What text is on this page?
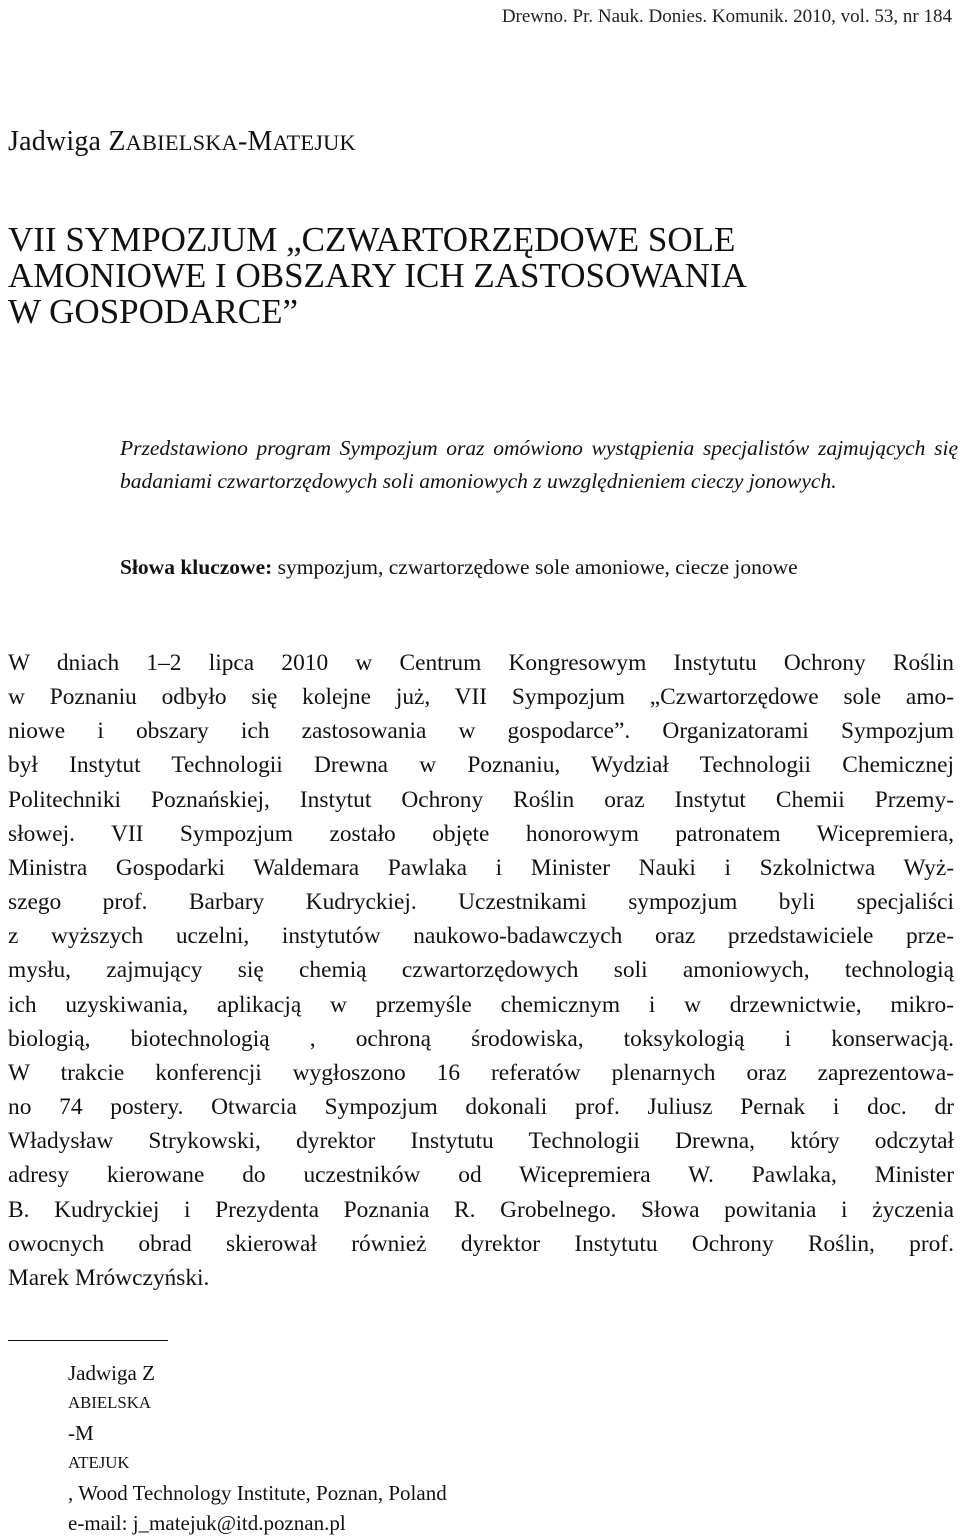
Drewno. Pr. Nauk. Donies. Komunik. 2010, vol. 53, nr 184
Jadwiga ZABIELSKA-MATEJUK
VII SYMPOZJUM „CZWARTORZĘDOWE SOLE
AMONIOWE I OBSZARY ICH ZASTOSOWANIA
W GOSPODARCE”

Przedstawiono program Sympozjum oraz omówiono wystąpienia specjalistów zajmujących się badaniami czwartorzędowych soli amoniowych z uwzględnieniem cieczy jonowych.

Słowa kluczowe: sympozjum, czwartorzędowe sole amoniowe, ciecze jonowe

W dniach 1–2 lipca 2010 w Centrum Kongresowym Instytutu Ochrony Roślin
w Poznaniu odbyło się kolejne już, VII Sympozjum „Czwartorzędowe sole amo-
niowe i obszary ich zastosowania w gospodarce”. Organizatorami Sympozjum
był Instytut Technologii Drewna w Poznaniu, Wydział Technologii Chemicznej
Politechniki Poznańskiej, Instytut Ochrony Roślin oraz Instytut Chemii Przemy-
słowej. VII Sympozjum zostało objęte honorowym patronatem Wicepremiera,
Ministra Gospodarki Waldemara Pawlaka i Minister Nauki i Szkolnictwa Wyż-
szego prof. Barbary Kudryckiej. Uczestnikami sympozjum byli specjaliści
z wyższych uczelni, instytutów naukowo-badawczych oraz przedstawiciele prze-
mysłu, zajmujący się chemią czwartorzędowych soli amoniowych, technologią
ich uzyskiwania, aplikacją w przemyśle chemicznym i w drzewnictwie, mikro-
biologią, biotechnologią , ochroną środowiska, toksykologią i konserwacją.
W trakcie konferencji wygłoszono 16 referatów plenarnych oraz zaprezentowa-
no 74 postery. Otwarcia Sympozjum dokonali prof. Juliusz Pernak i doc. dr
Władysław Strykowski, dyrektor Instytutu Technologii Drewna, który odczytał
adresy kierowane do uczestników od Wicepremiera W. Pawlaka, Minister
B. Kudryckiej i Prezydenta Poznania R. Grobelnego. Słowa powitania i życzenia
owocnych obrad skierował również dyrektor Instytutu Ochrony Roślin, prof.
Marek Mrówczyński.

Jadwiga Z
ABIELSKA
-M
ATEJUK
, Wood Technology Institute, Poznan, Poland
e-mail: j_matejuk@itd.poznan.pl
